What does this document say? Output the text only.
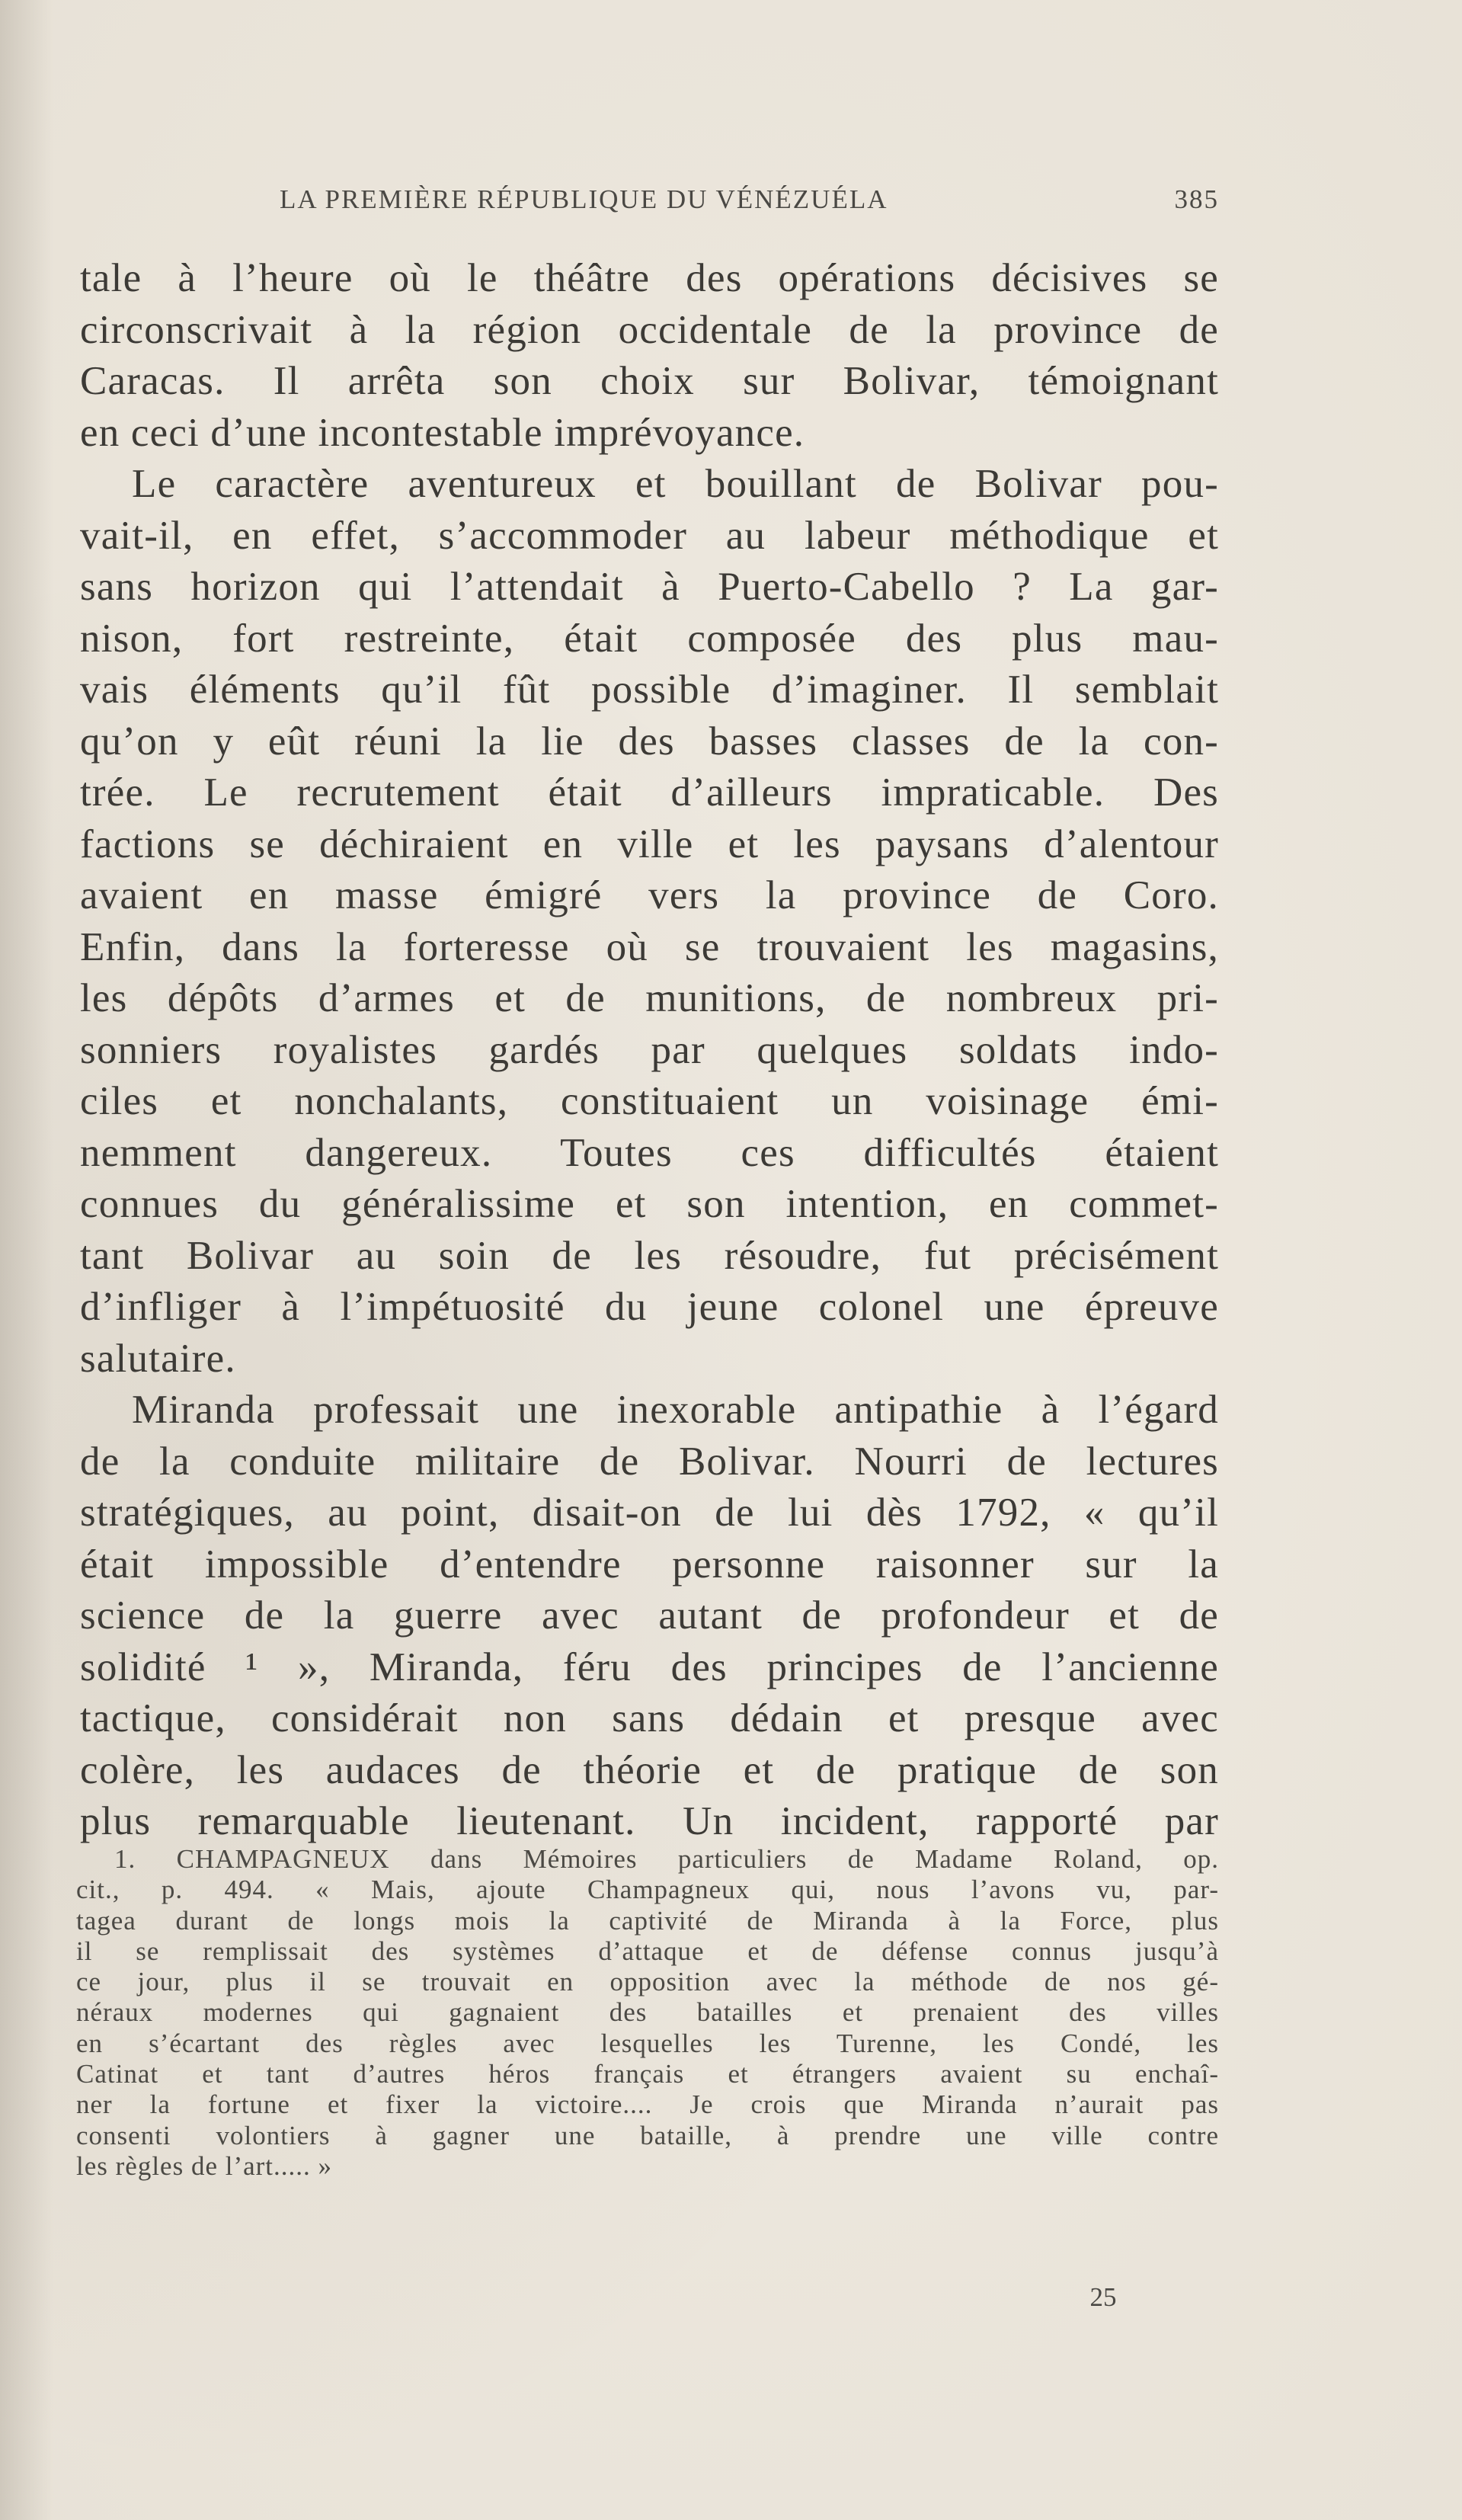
LA PREMIÈRE RÉPUBLIQUE DU VÉNÉZUÉLA	385
tale à l’heure où le théâtre des opérations décisives se
circonscrivait à la région occidentale de la province de
Caracas. Il arrêta son choix sur Bolivar, témoignant
en ceci d’une incontestable imprévoyance.
Le caractère aventureux et bouillant de Bolivar pou-
vait-il, en effet, s’accommoder au labeur méthodique et
sans horizon qui l’attendait à Puerto-Cabello ? La gar-
nison, fort restreinte, était composée des plus mau-
vais éléments qu’il fût possible d’imaginer. Il semblait
qu’on y eût réuni la lie des basses classes de la con-
trée. Le recrutement était d’ailleurs impraticable. Des
factions se déchiraient en ville et les paysans d’alentour
avaient en masse émigré vers la province de Coro.
Enfin, dans la forteresse où se trouvaient les magasins,
les dépôts d’armes et de munitions, de nombreux pri-
sonniers royalistes gardés par quelques soldats indo-
ciles et nonchalants, constituaient un voisinage émi-
nemment dangereux. Toutes ces difficultés étaient
connues du généralissime et son intention, en commet-
tant Bolivar au soin de les résoudre, fut précisément
d’infliger à l’impétuosité du jeune colonel une épreuve
salutaire.
Miranda professait une inexorable antipathie à l’égard
de la conduite militaire de Bolivar. Nourri de lectures
stratégiques, au point, disait-on de lui dès 1792, « qu’il
était impossible d’entendre personne raisonner sur la
science de la guerre avec autant de profondeur et de
solidité ¹ », Miranda, féru des principes de l’ancienne
tactique, considérait non sans dédain et presque avec
colère, les audaces de théorie et de pratique de son
plus remarquable lieutenant. Un incident, rapporté par
1. CHAMPAGNEUX dans Mémoires particuliers de Madame Roland, op.
cit., p. 494. « Mais, ajoute Champagneux qui, nous l’avons vu, par-
tagea durant de longs mois la captivité de Miranda à la Force, plus
il se remplissait des systèmes d’attaque et de défense connus jusqu’à
ce jour, plus il se trouvait en opposition avec la méthode de nos gé-
néraux modernes qui gagnaient des batailles et prenaient des villes
en s’écartant des règles avec lesquelles les Turenne, les Condé, les
Catinat et tant d’autres héros français et étrangers avaient su enchaî-
ner la fortune et fixer la victoire.... Je crois que Miranda n’aurait pas
consenti volontiers à gagner une bataille, à prendre une ville contre
les règles de l’art..... »
25
